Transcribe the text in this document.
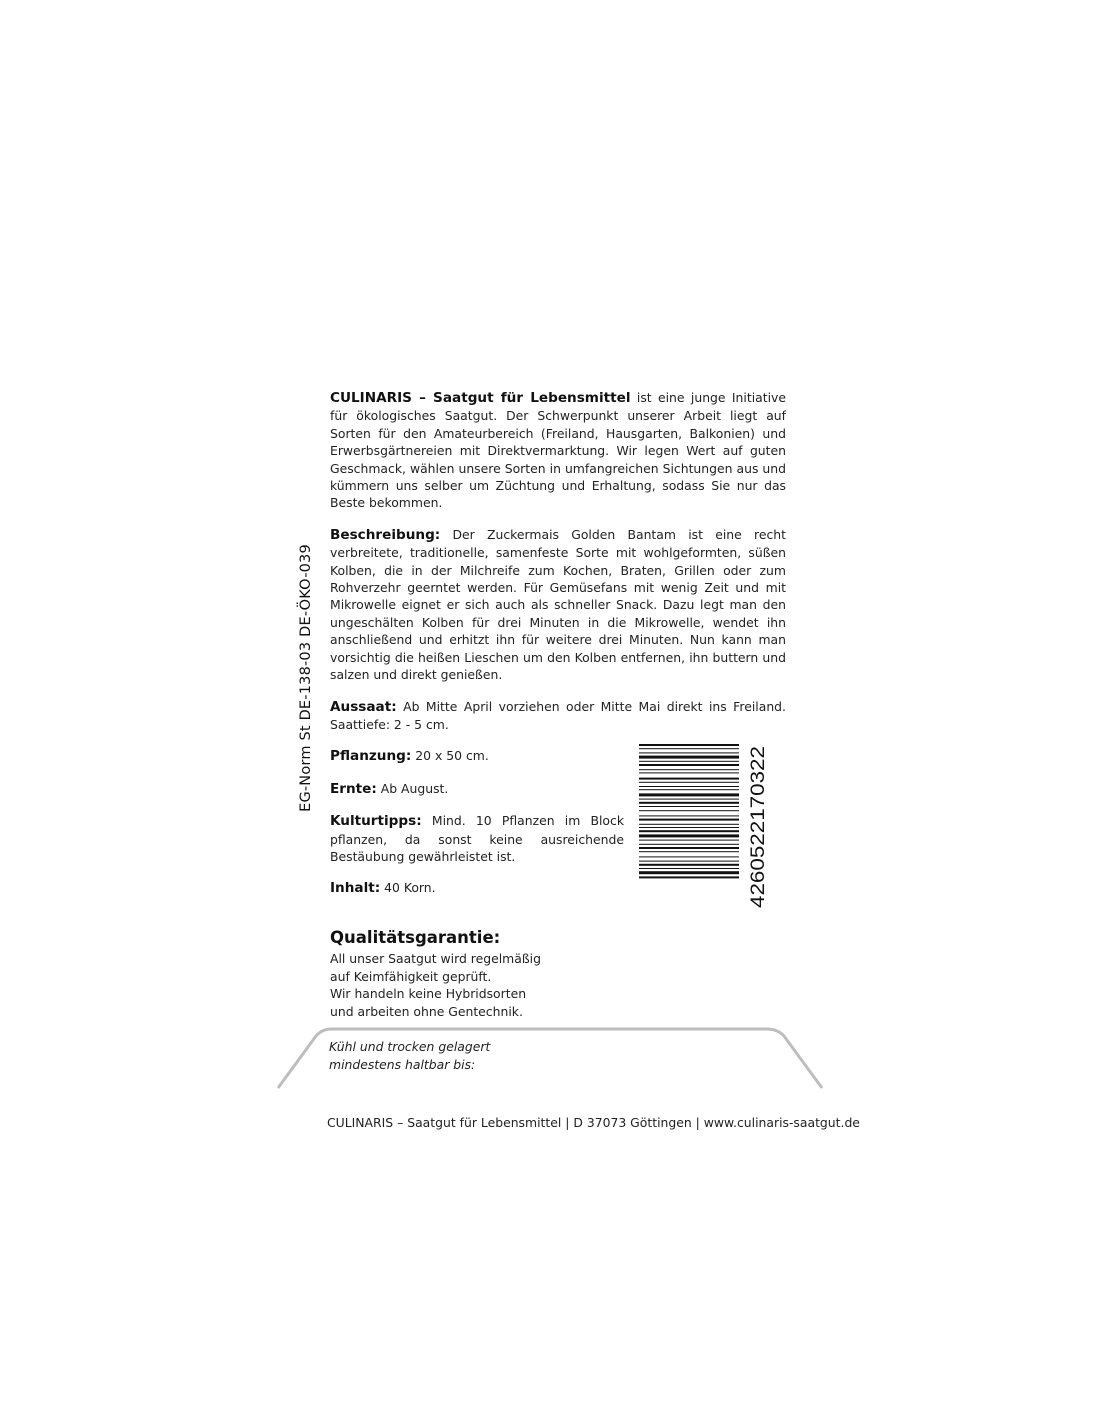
EG-Norm St DE-138-03 DE-ÖKO-039

CULINARIS – Saatgut für Lebensmittel ist eine junge Initiative für ökologisches Saatgut. Der Schwerpunkt unserer Arbeit liegt auf Sorten für den Amateurbereich (Freiland, Hausgarten, Balkonien) und Erwerbsgärtnereien mit Direktvermarktung. Wir legen Wert auf guten Geschmack, wählen unsere Sorten in umfangreichen Sichtungen aus und kümmern uns selber um Züchtung und Erhaltung, sodass Sie nur das Beste bekommen.

Beschreibung: Der Zuckermais Golden Bantam ist eine recht verbreitete, traditionelle, samenfeste Sorte mit wohlgeformten, süßen Kolben, die in der Milchreife zum Kochen, Braten, Grillen oder zum Rohverzehr geerntet werden. Für Gemüsefans mit wenig Zeit und mit Mikrowelle eignet er sich auch als schneller Snack. Dazu legt man den ungeschälten Kolben für drei Minuten in die Mikrowelle, wendet ihn anschließend und erhitzt ihn für weitere drei Minuten. Nun kann man vorsichtig die heißen Lieschen um den Kolben entfernen, ihn buttern und salzen und direkt genießen.

Aussaat: Ab Mitte April vorziehen oder Mitte Mai direkt ins Freiland. Saattiefe: 2 - 5 cm.

Pflanzung: 20 x 50 cm.

Ernte: Ab August.

Kulturtipps: Mind. 10 Pflanzen im Block pflanzen, da sonst keine ausreichende Bestäubung gewährleistet ist.

Inhalt: 40 Korn.	4260522170322
Qualitätsgarantie:
All unser Saatgut wird regelmäßig
auf Keimfähigkeit geprüft.
Wir handeln keine Hybridsorten
und arbeiten ohne Gentechnik.
Kühl und trocken gelagert
mindestens haltbar bis:
CULINARIS – Saatgut für Lebensmittel | D 37073 Göttingen | www.culinaris-saatgut.de
